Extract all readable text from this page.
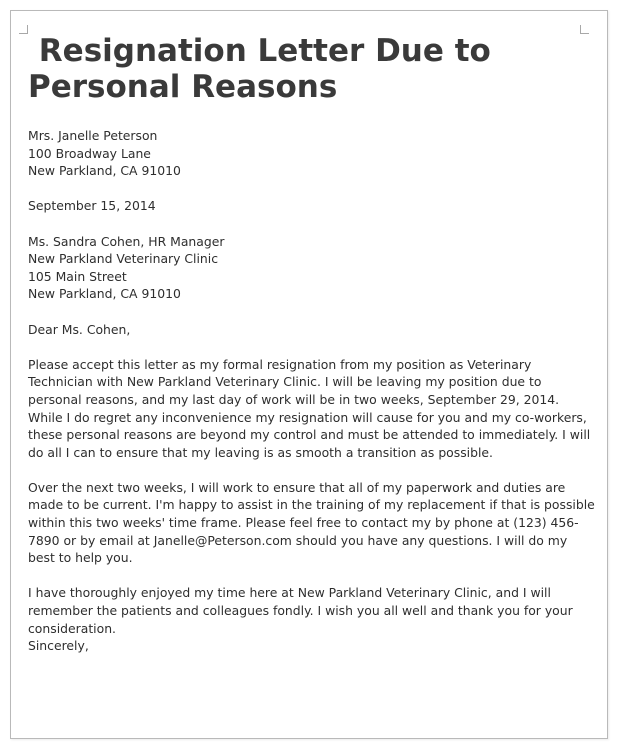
Resignation Letter Due to Personal Reasons

Mrs. Janelle Peterson
100 Broadway Lane
New Parkland, CA 91010

September 15, 2014

Ms. Sandra Cohen, HR Manager
New Parkland Veterinary Clinic
105 Main Street
New Parkland, CA 91010

Dear Ms. Cohen,

Please accept this letter as my formal resignation from my position as Veterinary
Technician with New Parkland Veterinary Clinic. I will be leaving my position due to
personal reasons, and my last day of work will be in two weeks, September 29, 2014.
While I do regret any inconvenience my resignation will cause for you and my co-workers,
these personal reasons are beyond my control and must be attended to immediately. I will
do all I can to ensure that my leaving is as smooth a transition as possible.

Over the next two weeks, I will work to ensure that all of my paperwork and duties are
made to be current. I'm happy to assist in the training of my replacement if that is possible
within this two weeks' time frame. Please feel free to contact my by phone at (123) 456-
7890 or by email at Janelle@Peterson.com should you have any questions. I will do my
best to help you.

I have thoroughly enjoyed my time here at New Parkland Veterinary Clinic, and I will
remember the patients and colleagues fondly. I wish you all well and thank you for your
consideration.

Sincerely,
